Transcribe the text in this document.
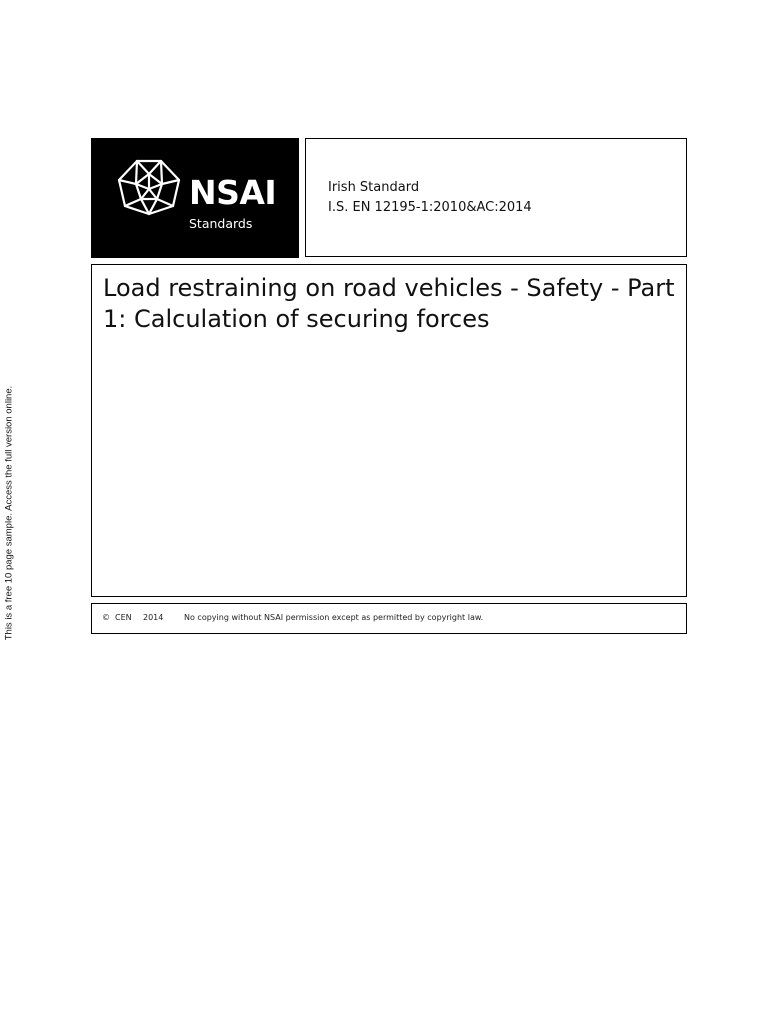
This is a free 10 page sample. Access the full version online.
NSAI
Standards
Irish Standard
I.S. EN 12195-1:2010&AC:2014
Load restraining on road vehicles - Safety - Part 1: Calculation of securing forces
© CEN 2014	No copying without NSAI permission except as permitted by copyright law.
